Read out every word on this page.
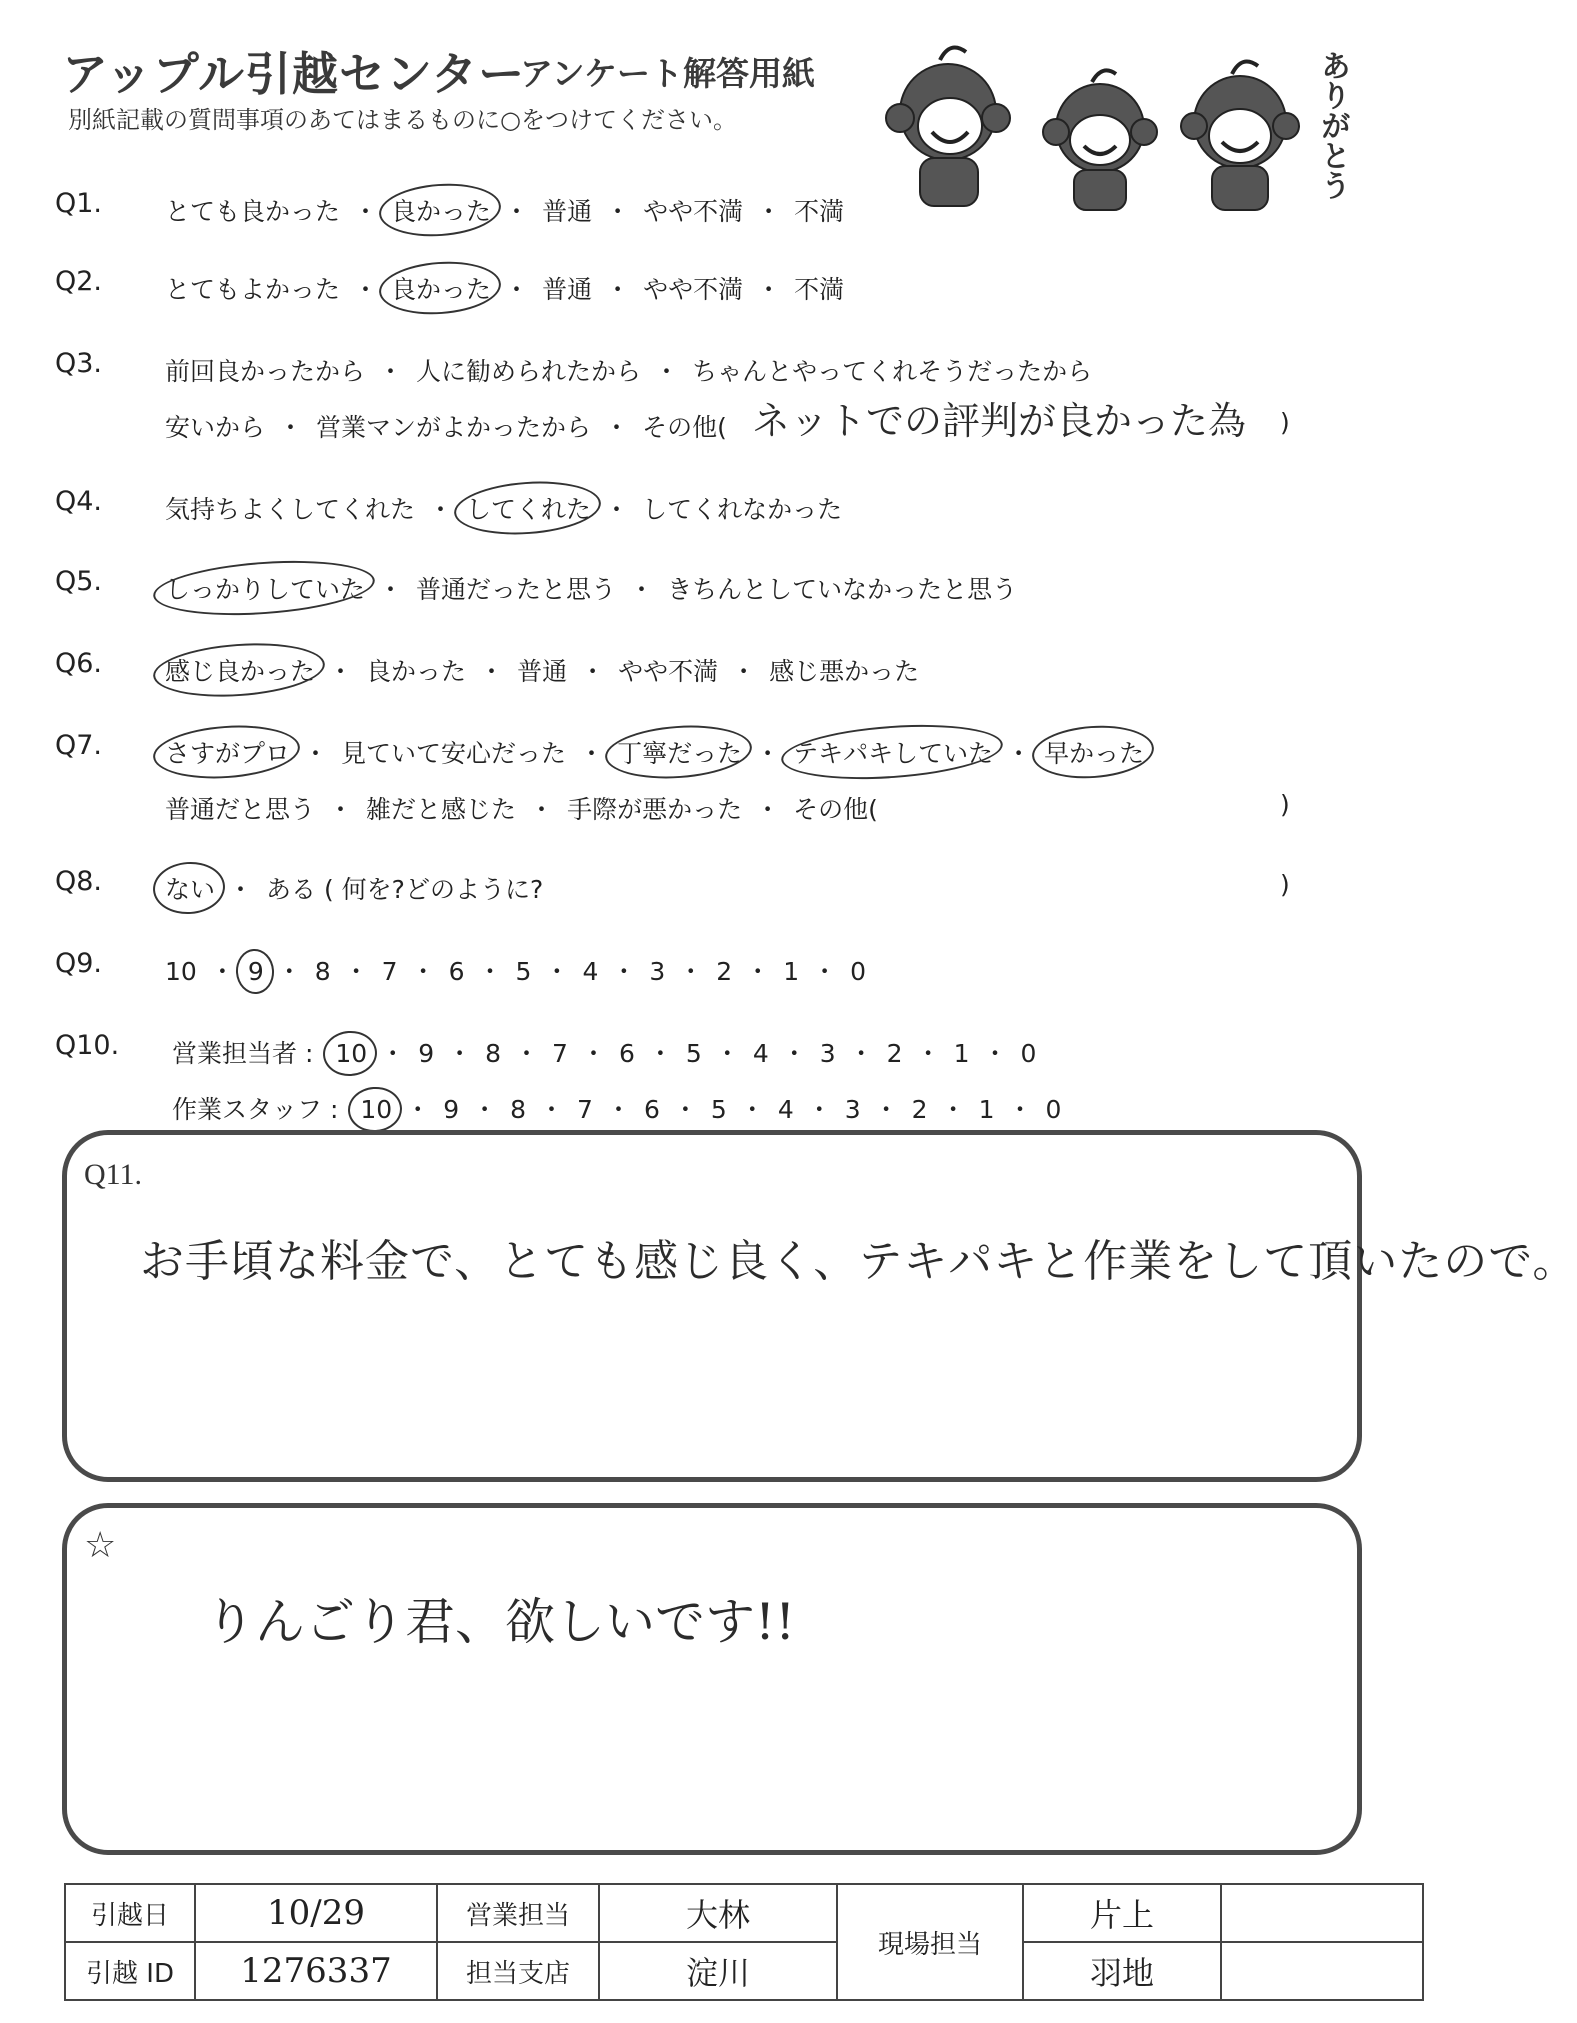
アップル引越センター
アンケート解答用紙
別紙記載の質問事項のあてはまるものに○をつけてください。	ありがとう
Q1.	とても良かった ・ 良かった ・ 普通 ・ やや不満 ・ 不満
Q2.	とてもよかった ・ 良かった ・ 普通 ・ やや不満 ・ 不満
Q3.	前回良かったから ・ 人に勧められたから ・ ちゃんとやってくれそうだったから
安いから ・ 営業マンがよかったから ・ その他(
Q4.	気持ちよくしてくれた ・ してくれた ・ してくれなかった
Q5.	しっかりしていた ・ 普通だったと思う ・ きちんとしていなかったと思う
Q6.	感じ良かった ・ 良かった ・ 普通 ・ やや不満 ・ 感じ悪かった
Q7.	さすがプロ ・ 見ていて安心だった ・ 丁寧だった ・ テキパキしていた ・ 早かった
普通だと思う ・ 雑だと感じた ・ 手際が悪かった ・ その他(
Q8.	ない ・ ある ( 何を?どのように?
Q9.	10 ・ 9 ・ 8 ・ 7 ・ 6 ・ 5 ・ 4 ・ 3 ・ 2 ・ 1 ・ 0
Q10. 営業担当者 : 10 ・ 9 ・ 8 ・ 7 ・ 6 ・ 5 ・ 4 ・ 3 ・ 2 ・ 1 ・ 0
作業スタッフ : 10 ・ 9 ・ 8 ・ 7 ・ 6 ・ 5 ・ 4 ・ 3 ・ 2 ・ 1 ・ 0
ネットでの評判が良かった為 )
)
)
Q11.
お手頃な料金で、とても感じ良く、テキパキと作業をして頂いたので。
☆
りんごり君、欲しいです!!
引越日	10/29	営業担当	大林	現場担当	片上	
引越 ID	1276337	担当支店	淀川		羽地	
